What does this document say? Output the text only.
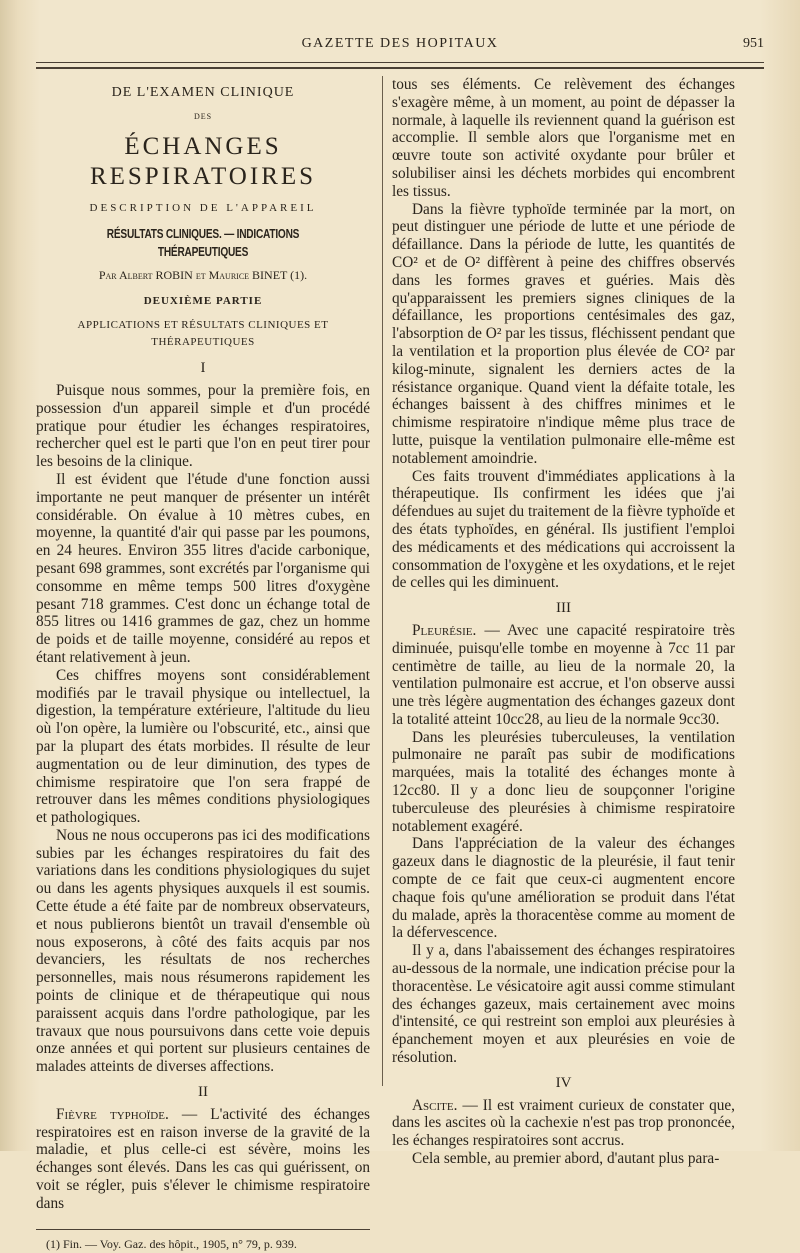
GAZETTE DES HOPITAUX	951

DE L'EXAMEN CLINIQUE

DES

ÉCHANGES RESPIRATOIRES

DESCRIPTION DE L'APPAREIL

RÉSULTATS CLINIQUES. — INDICATIONS THÉRAPEUTIQUES

Par Albert ROBIN et Maurice BINET (1).

DEUXIÈME PARTIE

APPLICATIONS ET RÉSULTATS CLINIQUES ET THÉRAPEUTIQUES

I

Puisque nous sommes, pour la première fois, en possession d'un appareil simple et d'un procédé pratique pour étudier les échanges respiratoires, rechercher quel est le parti que l'on en peut tirer pour les besoins de la clinique.

Il est évident que l'étude d'une fonction aussi importante ne peut manquer de présenter un intérêt considérable. On évalue à 10 mètres cubes, en moyenne, la quantité d'air qui passe par les poumons, en 24 heures. Environ 355 litres d'acide carbonique, pesant 698 grammes, sont excrétés par l'organisme qui consomme en même temps 500 litres d'oxygène pesant 718 grammes. C'est donc un échange total de 855 litres ou 1416 grammes de gaz, chez un homme de poids et de taille moyenne, considéré au repos et étant relativement à jeun.

Ces chiffres moyens sont considérablement modifiés par le travail physique ou intellectuel, la digestion, la température extérieure, l'altitude du lieu où l'on opère, la lumière ou l'obscurité, etc., ainsi que par la plupart des états morbides. Il résulte de leur augmentation ou de leur diminution, des types de chimisme respiratoire que l'on sera frappé de retrouver dans les mêmes conditions physiologiques et pathologiques.

Nous ne nous occuperons pas ici des modifications subies par les échanges respiratoires du fait des variations dans les conditions physiologiques du sujet ou dans les agents physiques auxquels il est soumis. Cette étude a été faite par de nombreux observateurs, et nous publierons bientôt un travail d'ensemble où nous exposerons, à côté des faits acquis par nos devanciers, les résultats de nos recherches personnelles, mais nous résumerons rapidement les points de clinique et de thérapeutique qui nous paraissent acquis dans l'ordre pathologique, par les travaux que nous poursuivons dans cette voie depuis onze années et qui portent sur plusieurs centaines de malades atteints de diverses affections.

II

Fièvre typhoïde. — L'activité des échanges respiratoires est en raison inverse de la gravité de la maladie, et plus celle-ci est sévère, moins les échanges sont élevés. Dans les cas qui guérissent, on voit se régler, puis s'élever le chimisme respiratoire dans

(1) Fin. — Voy. Gaz. des hôpit., 1905, n° 79, p. 939.

tous ses éléments. Ce relèvement des échanges s'exagère même, à un moment, au point de dépasser la normale, à laquelle ils reviennent quand la guérison est accomplie. Il semble alors que l'organisme met en œuvre toute son activité oxydante pour brûler et solubiliser ainsi les déchets morbides qui encombrent les tissus.

Dans la fièvre typhoïde terminée par la mort, on peut distinguer une période de lutte et une période de défaillance. Dans la période de lutte, les quantités de CO² et de O² diffèrent à peine des chiffres observés dans les formes graves et guéries. Mais dès qu'apparaissent les premiers signes cliniques de la défaillance, les proportions centésimales des gaz, l'absorption de O² par les tissus, fléchissent pendant que la ventilation et la proportion plus élevée de CO² par kilog-minute, signalent les derniers actes de la résistance organique. Quand vient la défaite totale, les échanges baissent à des chiffres minimes et le chimisme respiratoire n'indique même plus trace de lutte, puisque la ventilation pulmonaire elle-même est notablement amoindrie.

Ces faits trouvent d'immédiates applications à la thérapeutique. Ils confirment les idées que j'ai défendues au sujet du traitement de la fièvre typhoïde et des états typhoïdes, en général. Ils justifient l'emploi des médicaments et des médications qui accroissent la consommation de l'oxygène et les oxydations, et le rejet de celles qui les diminuent.

III

Pleurésie. — Avec une capacité respiratoire très diminuée, puisqu'elle tombe en moyenne à 7cc 11 par centimètre de taille, au lieu de la normale 20, la ventilation pulmonaire est accrue, et l'on observe aussi une très légère augmentation des échanges gazeux dont la totalité atteint 10cc28, au lieu de la normale 9cc30.

Dans les pleurésies tuberculeuses, la ventilation pulmonaire ne paraît pas subir de modifications marquées, mais la totalité des échanges monte à 12cc80. Il y a donc lieu de soupçonner l'origine tuberculeuse des pleurésies à chimisme respiratoire notablement exagéré.

Dans l'appréciation de la valeur des échanges gazeux dans le diagnostic de la pleurésie, il faut tenir compte de ce fait que ceux-ci augmentent encore chaque fois qu'une amélioration se produit dans l'état du malade, après la thoracentèse comme au moment de la défervescence.

Il y a, dans l'abaissement des échanges respiratoires au-dessous de la normale, une indication précise pour la thoracentèse. Le vésicatoire agit aussi comme stimulant des échanges gazeux, mais certainement avec moins d'intensité, ce qui restreint son emploi aux pleurésies à épanchement moyen et aux pleurésies en voie de résolution.

IV

Ascite. — Il est vraiment curieux de constater que, dans les ascites où la cachexie n'est pas trop prononcée, les échanges respiratoires sont accrus.

Cela semble, au premier abord, d'autant plus para-
